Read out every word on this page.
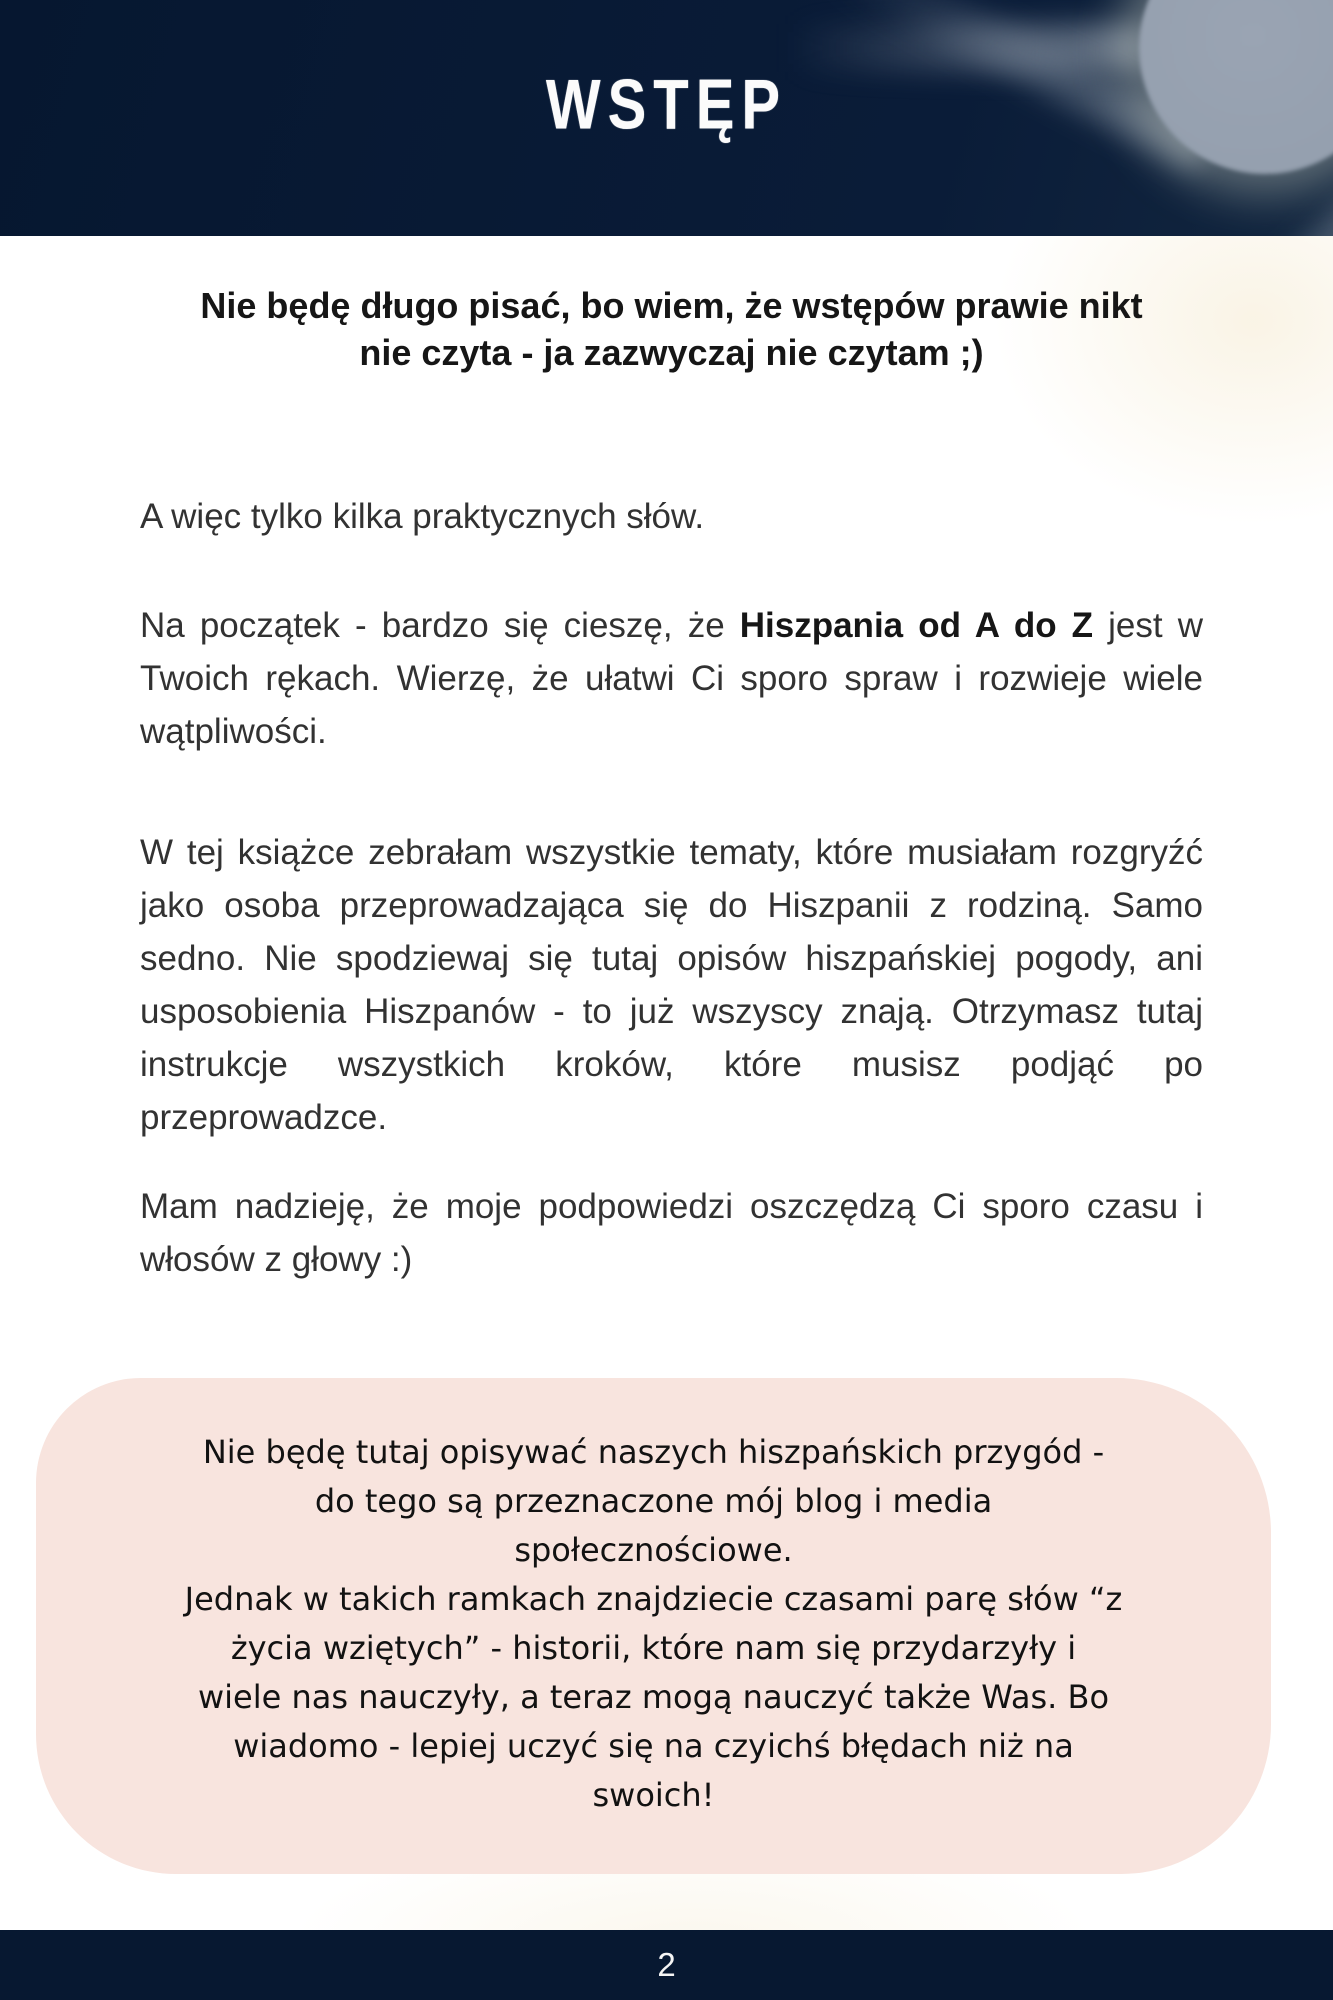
WSTĘP
Nie będę długo pisać, bo wiem, że wstępów prawie nikt
nie czyta - ja zazwyczaj nie czytam ;)

A więc tylko kilka praktycznych słów.

Na początek - bardzo się cieszę, że Hiszpania od A do Z jest w Twoich rękach. Wierzę, że ułatwi Ci sporo spraw i rozwieje wiele wątpliwości.

W tej książce zebrałam wszystkie tematy, które musiałam rozgryźć jako osoba przeprowadzająca się do Hiszpanii z rodziną. Samo sedno. Nie spodziewaj się tutaj opisów hiszpańskiej pogody, ani usposobienia Hiszpanów - to już wszyscy znają. Otrzymasz tutaj instrukcje wszystkich kroków, które musisz podjąć po przeprowadzce.

Mam nadzieję, że moje podpowiedzi oszczędzą Ci sporo czasu i włosów z głowy :)

Nie będę tutaj opisywać naszych hiszpańskich przygód -
do tego są przeznaczone mój blog i media
społecznościowe.
Jednak w takich ramkach znajdziecie czasami parę słów “z
życia wziętych” - historii, które nam się przydarzyły i
wiele nas nauczyły, a teraz mogą nauczyć także Was. Bo
wiadomo - lepiej uczyć się na czyichś błędach niż na
swoich!
2
